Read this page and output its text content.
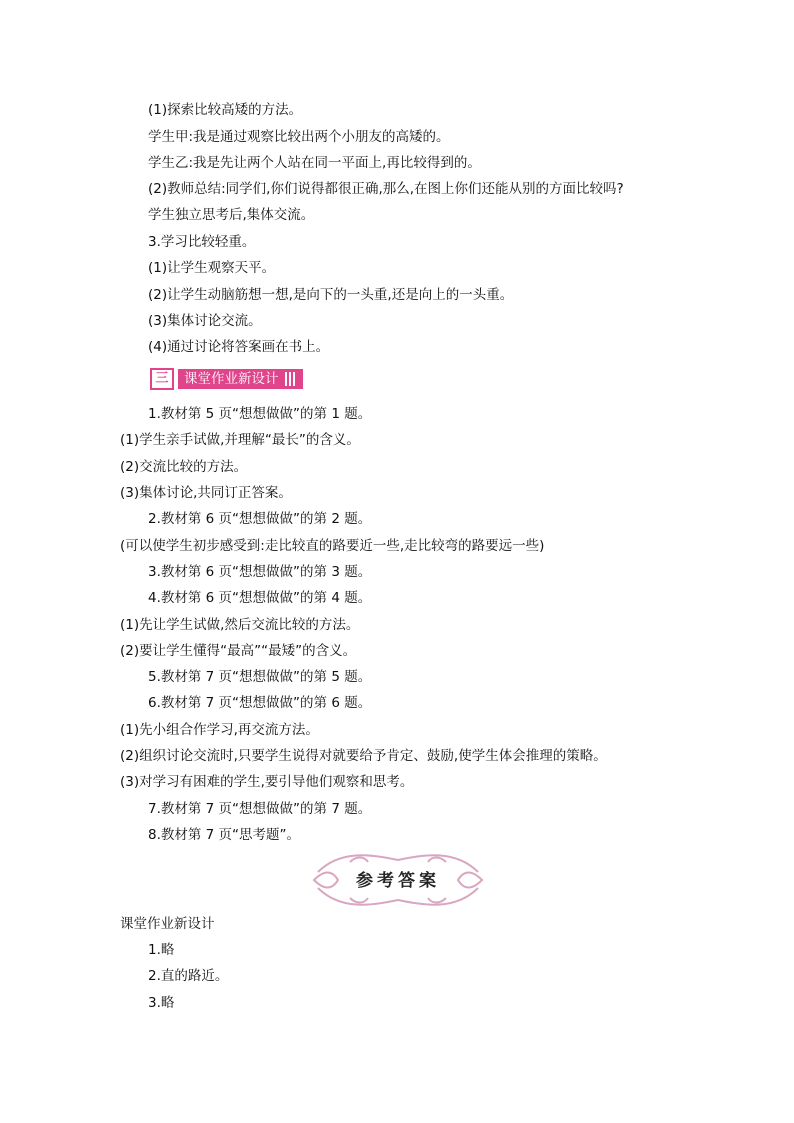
(1)探索比较高矮的方法。
学生甲:我是通过观察比较出两个小朋友的高矮的。
学生乙:我是先让两个人站在同一平面上,再比较得到的。
(2)教师总结:同学们,你们说得都很正确,那么,在图上你们还能从别的方面比较吗?
学生独立思考后,集体交流。
3.学习比较轻重。
(1)让学生观察天平。
(2)让学生动脑筋想一想,是向下的一头重,还是向上的一头重。
(3)集体讨论交流。
(4)通过讨论将答案画在书上。
1.教材第 5 页“想想做做”的第 1 题。
(1)学生亲手试做,并理解“最长”的含义。
(2)交流比较的方法。
(3)集体讨论,共同订正答案。
2.教材第 6 页“想想做做”的第 2 题。
(可以使学生初步感受到:走比较直的路要近一些,走比较弯的路要远一些)
3.教材第 6 页“想想做做”的第 3 题。
4.教材第 6 页“想想做做”的第 4 题。
(1)先让学生试做,然后交流比较的方法。
(2)要让学生懂得“最高”“最矮”的含义。
5.教材第 7 页“想想做做”的第 5 题。
6.教材第 7 页“想想做做”的第 6 题。
(1)先小组合作学习,再交流方法。
(2)组织讨论交流时,只要学生说得对就要给予肯定、鼓励,使学生体会推理的策略。
(3)对学习有困难的学生,要引导他们观察和思考。
7.教材第 7 页“想想做做”的第 7 题。
8.教材第 7 页“思考题”。
课堂作业新设计
1.略
2.直的路近。
3.略
三	课堂作业新设计
参考答案
